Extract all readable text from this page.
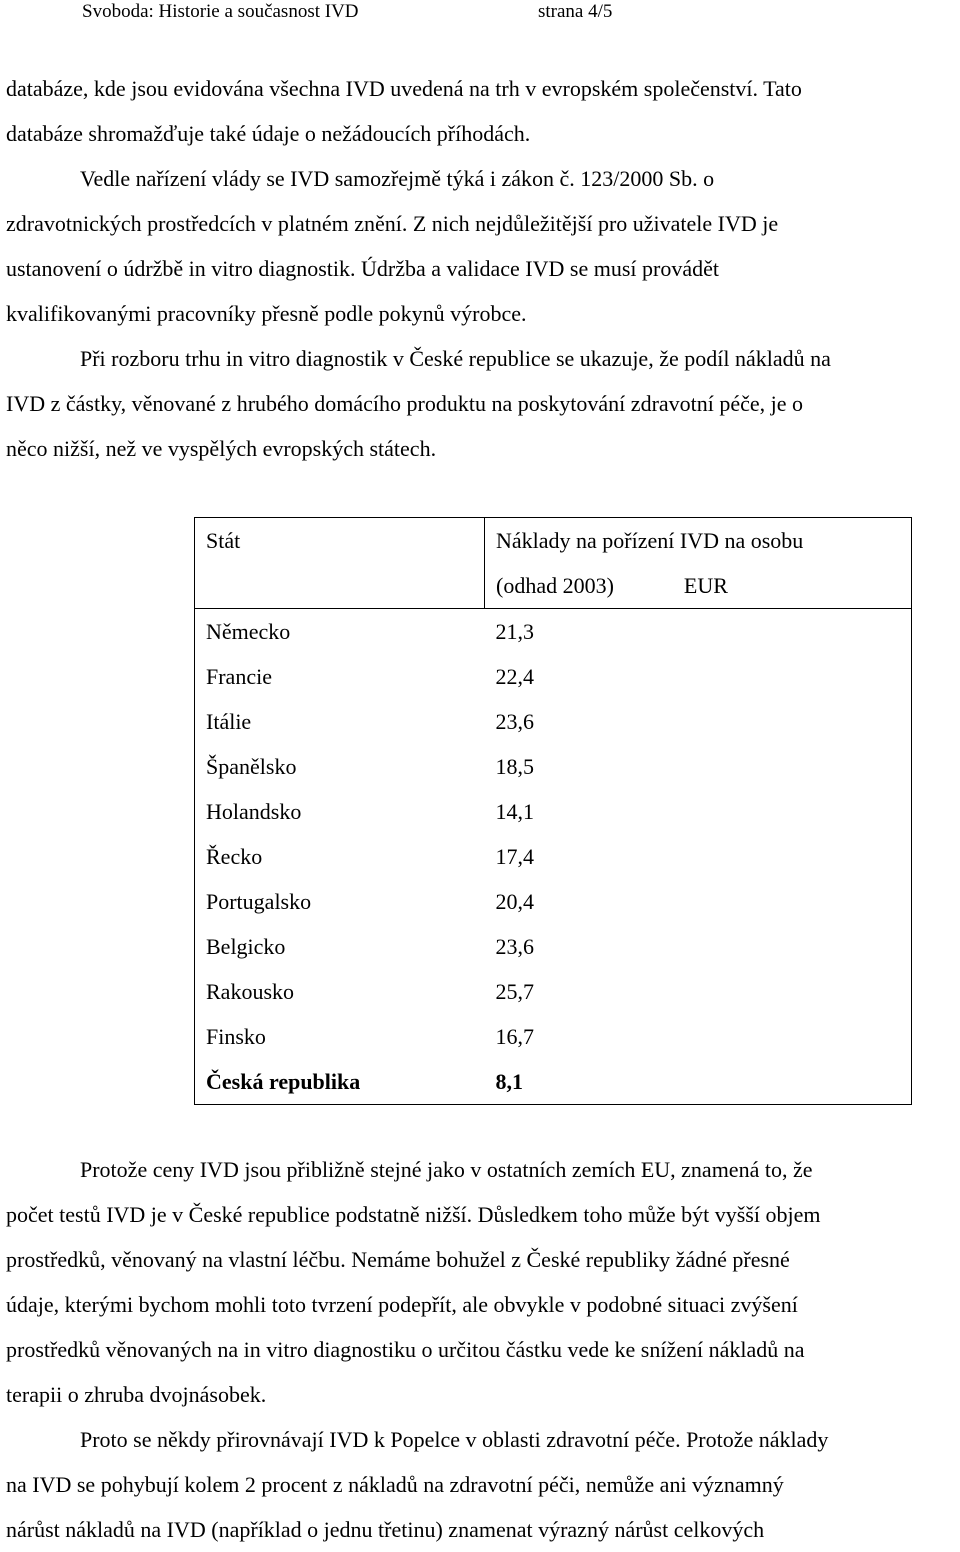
Svoboda: Historie a současnost IVD	strana 4/5
databáze, kde jsou evidována všechna IVD uvedená na trh v evropském společenství. Tato
databáze shromažďuje také údaje o nežádoucích příhodách.
Vedle nařízení vlády se IVD samozřejmě týká i zákon č. 123/2000 Sb. o
zdravotnických prostředcích v platném znění. Z nich nejdůležitější pro uživatele IVD je
ustanovení o údržbě in vitro diagnostik. Údržba a validace IVD se musí provádět
kvalifikovanými pracovníky přesně podle pokynů výrobce.
Při rozboru trhu in vitro diagnostik v České republice se ukazuje, že podíl nákladů na
IVD z částky, věnované z hrubého domácího produktu na poskytování zdravotní péče, je o
něco nižší, než ve vyspělých evropských státech.
Stát	Náklady na pořízení IVD na osobu
(odhad 2003) EUR

Německo	21,3
Francie	22,4
Itálie	23,6
Španělsko	18,5
Holandsko	14,1
Řecko	17,4
Portugalsko	20,4
Belgicko	23,6
Rakousko	25,7
Finsko	16,7
Česká republika	8,1
Protože ceny IVD jsou přibližně stejné jako v ostatních zemích EU, znamená to, že
počet testů IVD je v České republice podstatně nižší. Důsledkem toho může být vyšší objem
prostředků, věnovaný na vlastní léčbu. Nemáme bohužel z České republiky žádné přesné
údaje, kterými bychom mohli toto tvrzení podepřít, ale obvykle v podobné situaci zvýšení
prostředků věnovaných na in vitro diagnostiku o určitou částku vede ke snížení nákladů na
terapii o zhruba dvojnásobek.
Proto se někdy přirovnávají IVD k Popelce v oblasti zdravotní péče. Protože náklady
na IVD se pohybují kolem 2 procent z nákladů na zdravotní péči, nemůže ani významný
nárůst nákladů na IVD (například o jednu třetinu) znamenat výrazný nárůst celkových
